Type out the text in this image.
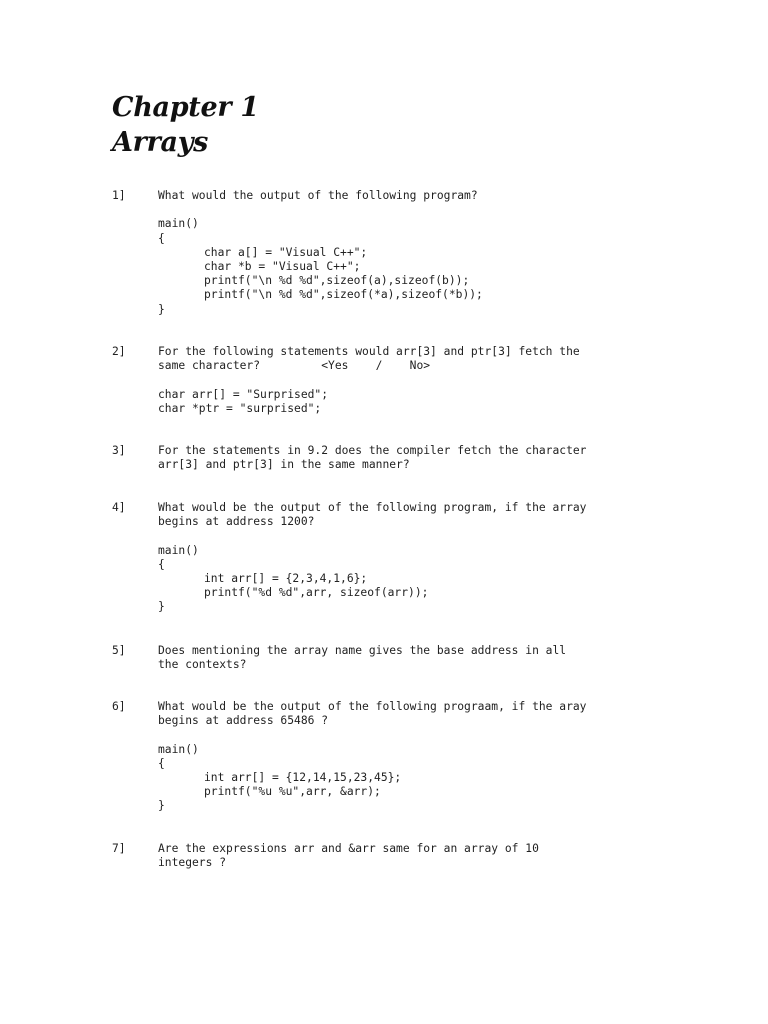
Chapter 1
Arrays
1]	What would the output of the following program?
main()
{
char a[] = "Visual C++";
char *b = "Visual C++";
printf("\n %d %d",sizeof(a),sizeof(b));
printf("\n %d %d",sizeof(*a),sizeof(*b));
}
2]	For the following statements would arr[3] and ptr[3] fetch the
same character?         <Yes    /    No>
char arr[] = "Surprised";
char *ptr = "surprised";
3]	For the statements in 9.2 does the compiler fetch the character
arr[3] and ptr[3] in the same manner?
4]	What would be the output of the following program, if the array
begins at address 1200?
main()
{
int arr[] = {2,3,4,1,6};
printf("%d %d",arr, sizeof(arr));
}
5]	Does mentioning the array name gives the base address in all
the contexts?
6]	What would be the output of the following prograam, if the aray
begins at address 65486 ?
main()
{
int arr[] = {12,14,15,23,45};
printf("%u %u",arr, &arr);
}
7]	Are the expressions arr and &arr same for an array of 10
integers ?
